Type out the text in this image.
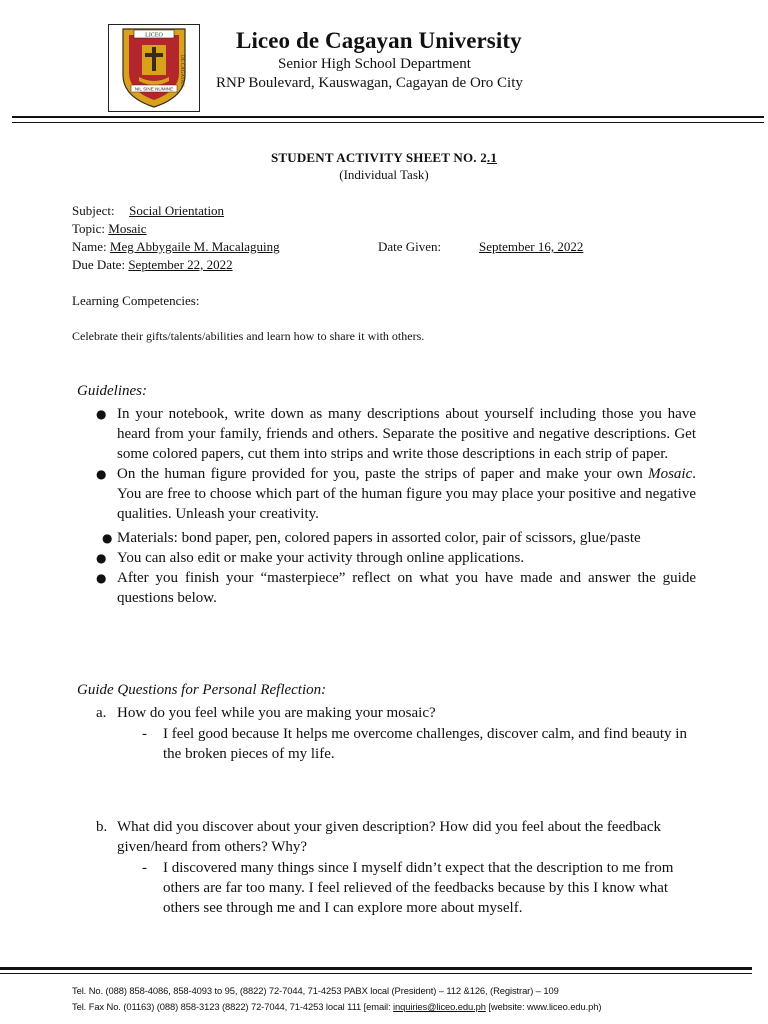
LICEO
NIL SINE NUMINE
DE CAGAYAN
Liceo de Cagayan University
Senior High School Department
RNP Boulevard, Kauswagan, Cagayan de Oro City
STUDENT ACTIVITY SHEET NO. 2.1
(Individual Task)
Subject: Social Orientation
Topic: Mosaic
Name: Meg Abbygaile M. Macalaguing	Date Given:	September 16, 2022
Due Date: September 22, 2022
Learning Competencies:
Celebrate their gifts/talents/abilities and learn how to share it with others.
Guidelines:
● In your notebook, write down as many descriptions about yourself including those you have heard from your family, friends and others. Separate the positive and negative descriptions. Get some colored papers, cut them into strips and write those descriptions in each strip of paper.
● On the human figure provided for you, paste the strips of paper and make your own Mosaic. You are free to choose which part of the human figure you may place your positive and negative qualities. Unleash your creativity.
● Materials: bond paper, pen, colored papers in assorted color, pair of scissors, glue/paste
● You can also edit or make your activity through online applications.
● After you finish your “masterpiece” reflect on what you have made and answer the guide questions below.
Guide Questions for Personal Reflection:
a. How do you feel while you are making your mosaic?
- I feel good because It helps me overcome challenges, discover calm, and find beauty in the broken pieces of my life.
b. What did you discover about your given description? How did you feel about the feedback given/heard from others? Why?
- I discovered many things since I myself didn’t expect that the description to me from others are far too many. I feel relieved of the feedbacks because by this I know what others see through me and I can explore more about myself.
Tel. No. (088) 858-4086, 858-4093 to 95, (8822) 72-7044, 71-4253 PABX local (President) – 112 &126, (Registrar) – 109
Tel. Fax No. (01163) (088) 858-3123 (8822) 72-7044, 71-4253 local 111 [email: inquiries@liceo.edu.ph [website: www.liceo.edu.ph)
